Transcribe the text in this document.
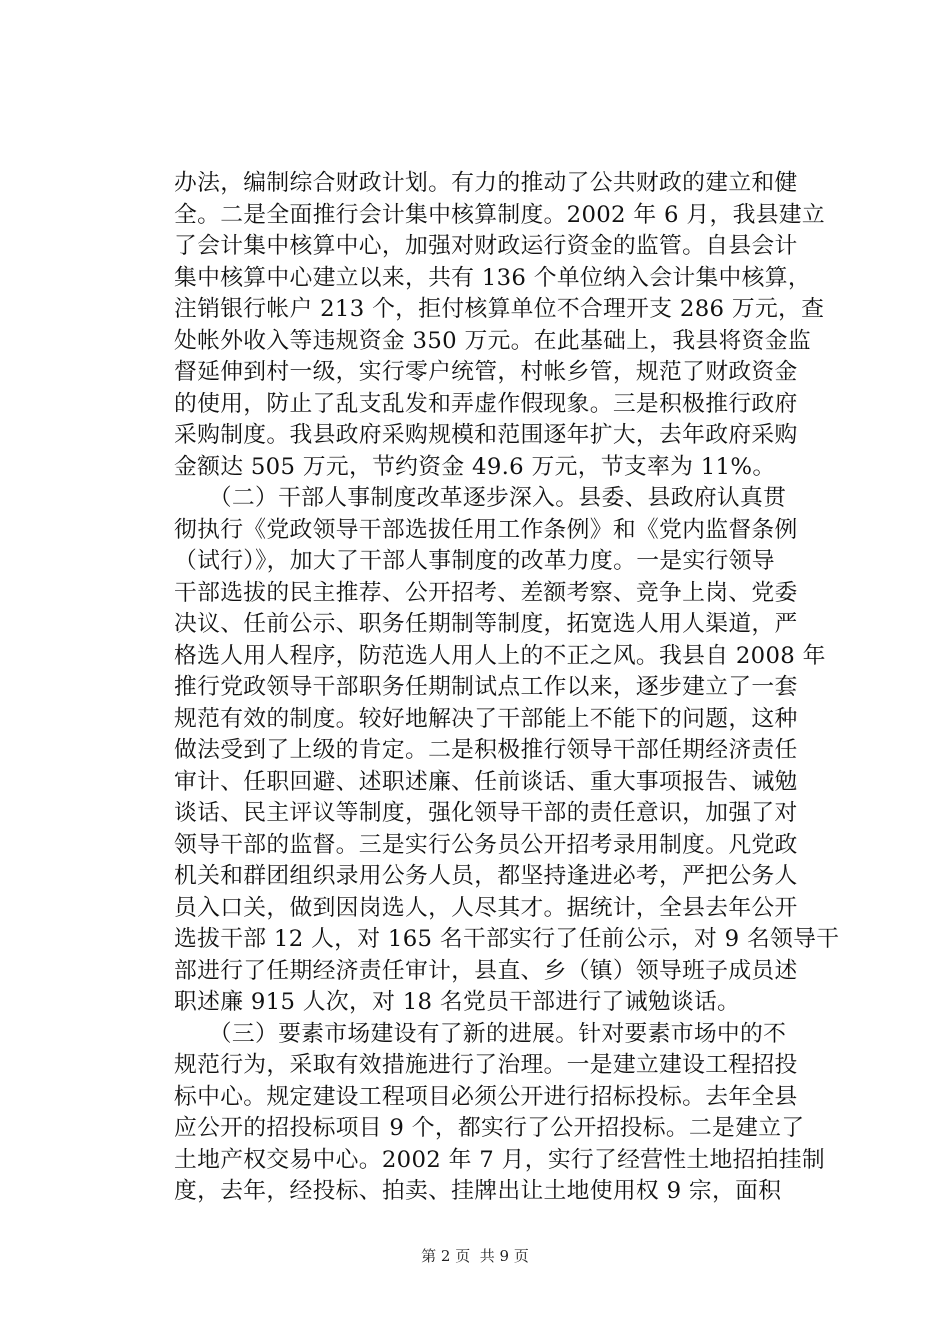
办法，编制综合财政计划。有力的推动了公共财政的建立和健
全。二是全面推行会计集中核算制度。2002 年 6 月，我县建立
了会计集中核算中心，加强对财政运行资金的监管。自县会计
集中核算中心建立以来，共有 136 个单位纳入会计集中核算，
注销银行帐户 213 个，拒付核算单位不合理开支 286 万元，查
处帐外收入等违规资金 350 万元。在此基础上，我县将资金监
督延伸到村一级，实行零户统管，村帐乡管，规范了财政资金
的使用，防止了乱支乱发和弄虚作假现象。三是积极推行政府
采购制度。我县政府采购规模和范围逐年扩大，去年政府采购
金额达 505 万元，节约资金 49.6 万元，节支率为 11%。
　　（二）干部人事制度改革逐步深入。县委、县政府认真贯
彻执行《党政领导干部选拔任用工作条例》和《党内监督条例
（试行）》，加大了干部人事制度的改革力度。一是实行领导
干部选拔的民主推荐、公开招考、差额考察、竞争上岗、党委
决议、任前公示、职务任期制等制度，拓宽选人用人渠道，严
格选人用人程序，防范选人用人上的不正之风。我县自 2008 年
推行党政领导干部职务任期制试点工作以来，逐步建立了一套
规范有效的制度。较好地解决了干部能上不能下的问题，这种
做法受到了上级的肯定。二是积极推行领导干部任期经济责任
审计、任职回避、述职述廉、任前谈话、重大事项报告、诫勉
谈话、民主评议等制度，强化领导干部的责任意识，加强了对
领导干部的监督。三是实行公务员公开招考录用制度。凡党政
机关和群团组织录用公务人员，都坚持逢进必考，严把公务人
员入口关，做到因岗选人，人尽其才。据统计，全县去年公开
选拔干部 12 人，对 165 名干部实行了任前公示，对 9 名领导干
部进行了任期经济责任审计，县直、乡（镇）领导班子成员述
职述廉 915 人次，对 18 名党员干部进行了诫勉谈话。
　　（三）要素市场建设有了新的进展。针对要素市场中的不
规范行为，采取有效措施进行了治理。一是建立建设工程招投
标中心。规定建设工程项目必须公开进行招标投标。去年全县
应公开的招投标项目 9 个，都实行了公开招投标。二是建立了
土地产权交易中心。2002 年 7 月，实行了经营性土地招拍挂制
度，去年，经投标、拍卖、挂牌出让土地使用权 9 宗，面积
第 2 页  共 9 页
